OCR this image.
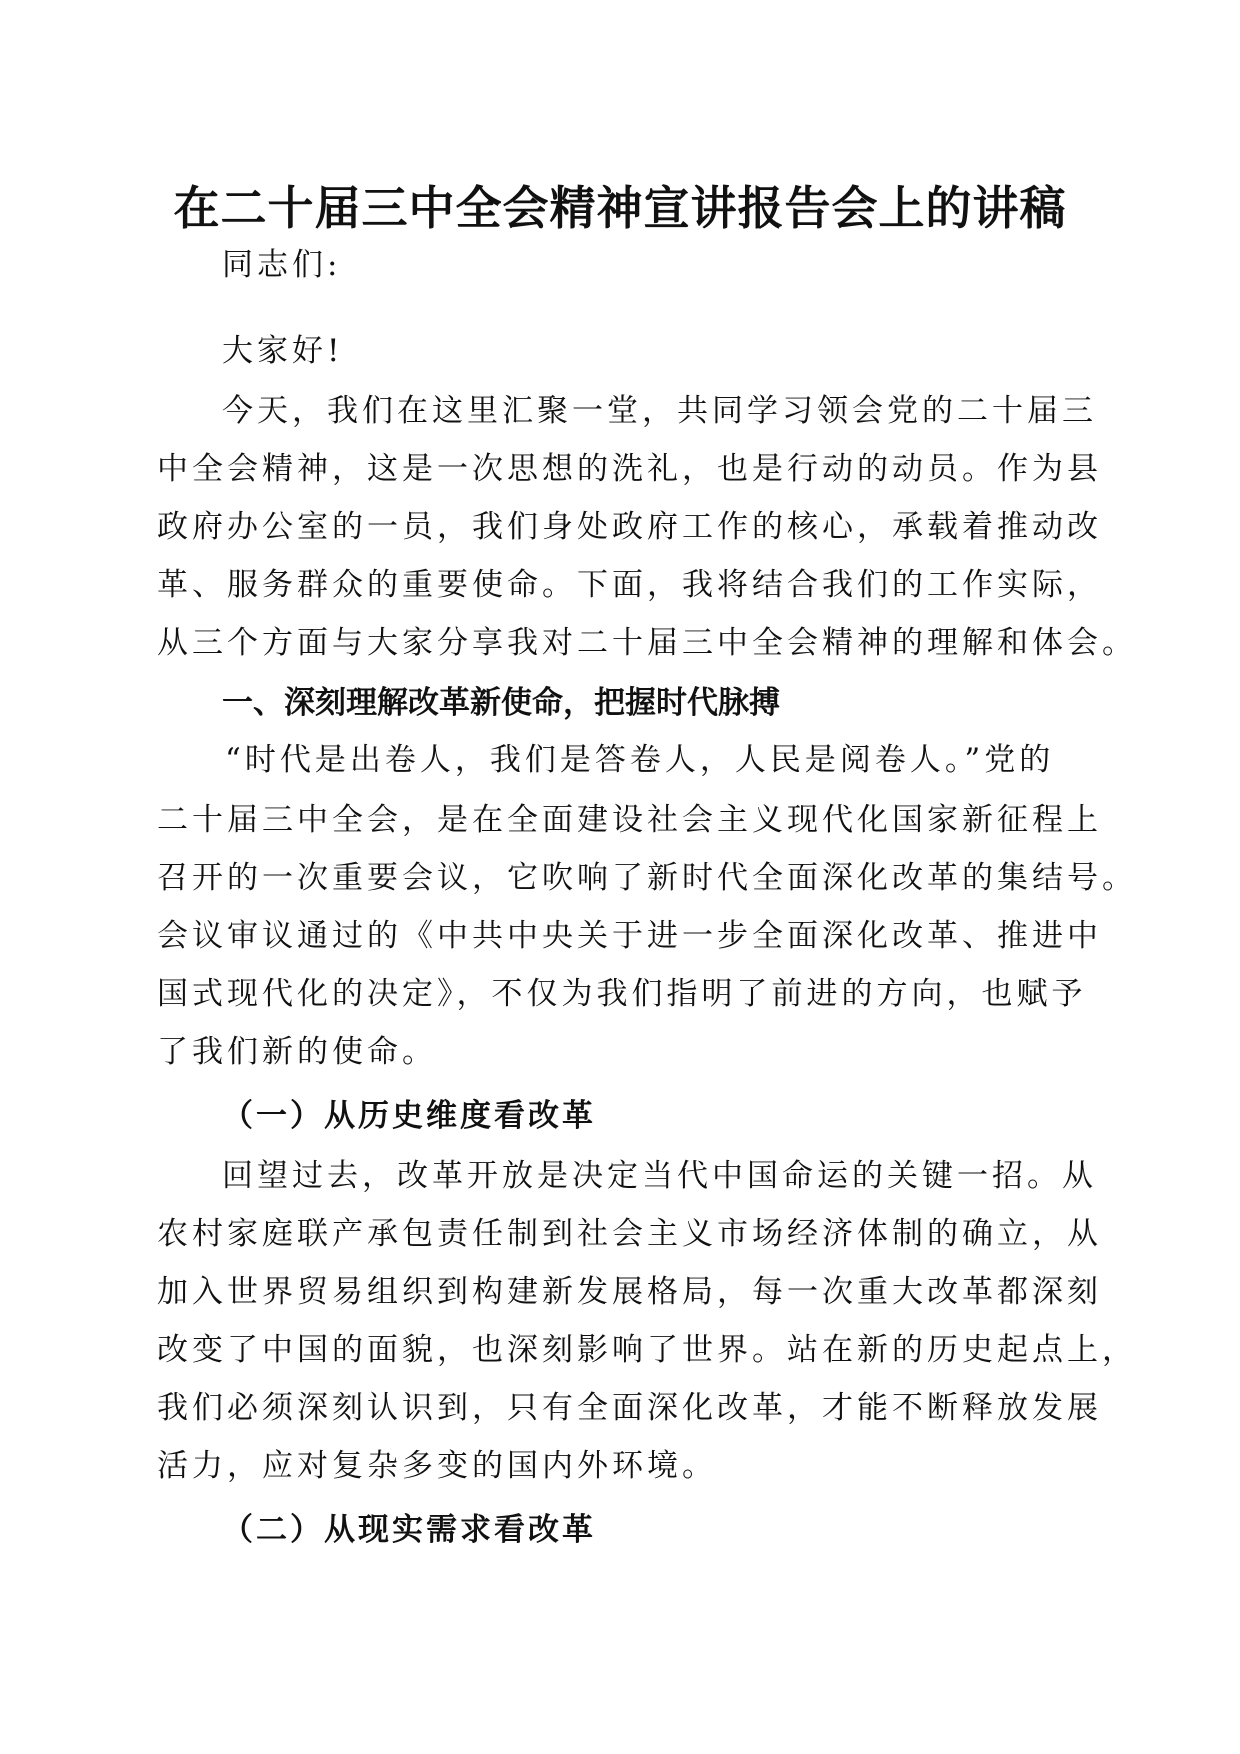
在二十届三中全会精神宣讲报告会上的讲稿

同志们:

大家好!

今天，我们在这里汇聚一堂，共同学习领会党的二十届三

中全会精神，这是一次思想的洗礼，也是行动的动员。作为县

政府办公室的一员，我们身处政府工作的核心，承载着推动改

革、服务群众的重要使命。下面，我将结合我们的工作实际，

从三个方面与大家分享我对二十届三中全会精神的理解和体会。

一、深刻理解改革新使命，把握时代脉搏

“时代是出卷人，我们是答卷人，人民是阅卷人。”党的

二十届三中全会，是在全面建设社会主义现代化国家新征程上

召开的一次重要会议，它吹响了新时代全面深化改革的集结号。

会议审议通过的《中共中央关于进一步全面深化改革、推进中

国式现代化的决定》，不仅为我们指明了前进的方向，也赋予

了我们新的使命。

（一）从历史维度看改革

回望过去，改革开放是决定当代中国命运的关键一招。从

农村家庭联产承包责任制到社会主义市场经济体制的确立，从

加入世界贸易组织到构建新发展格局，每一次重大改革都深刻

改变了中国的面貌，也深刻影响了世界。站在新的历史起点上，

我们必须深刻认识到，只有全面深化改革，才能不断释放发展

活力，应对复杂多变的国内外环境。

（二）从现实需求看改革
